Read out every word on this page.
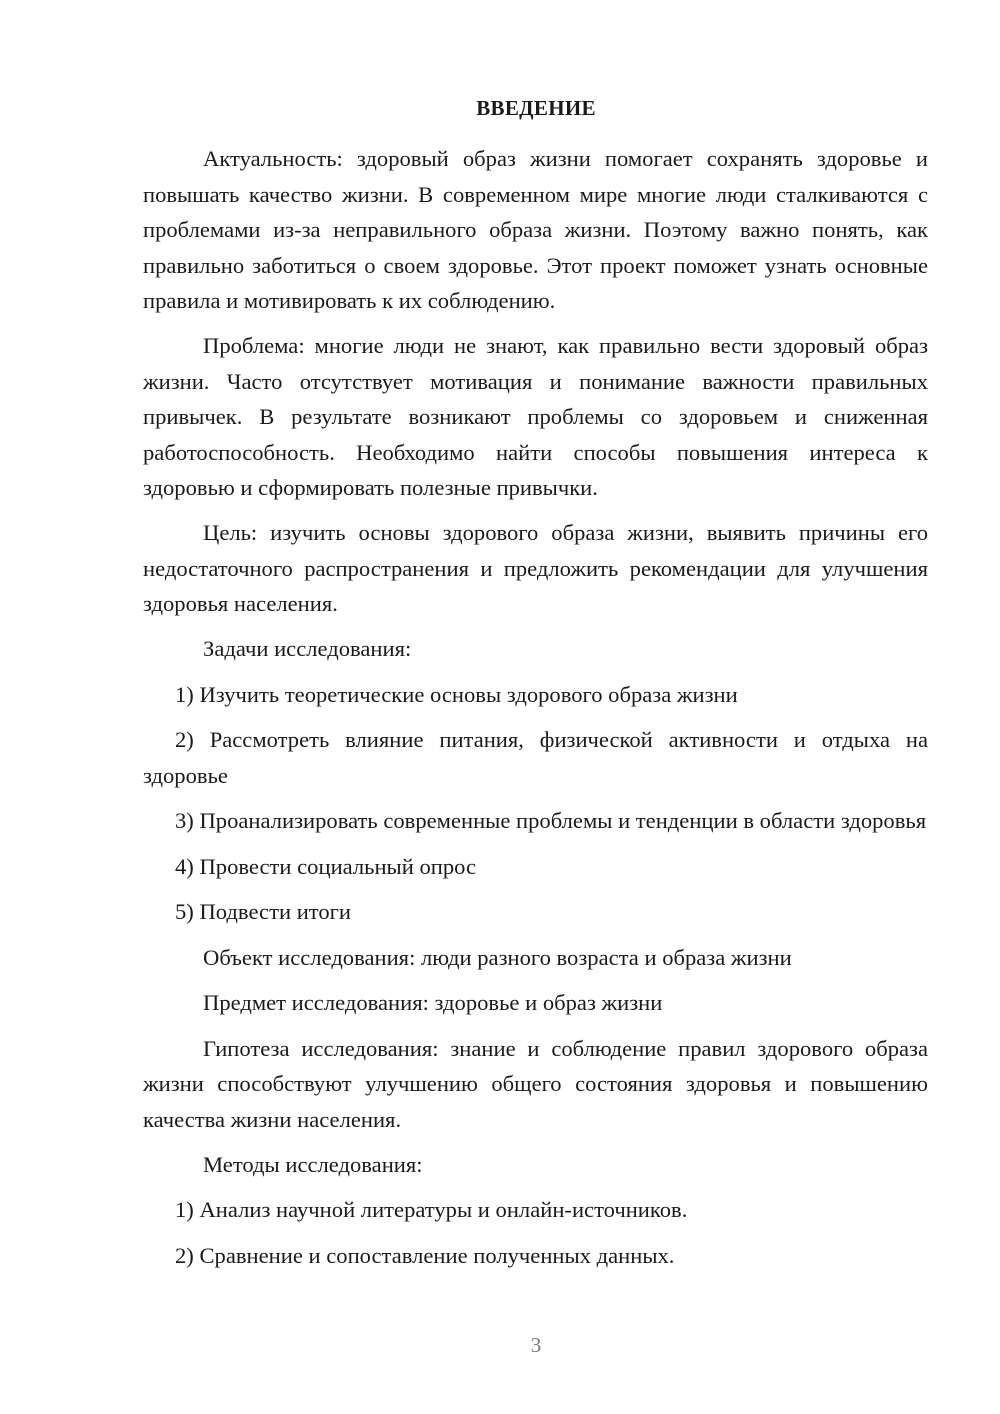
ВВЕДЕНИЕ

Актуальность: здоровый образ жизни помогает сохранять здоровье и повышать качество жизни. В современном мире многие люди сталкиваются с проблемами из-за неправильного образа жизни. Поэтому важно понять, как правильно заботиться о своем здоровье. Этот проект поможет узнать основные правила и мотивировать к их соблюдению.

Проблема: многие люди не знают, как правильно вести здоровый образ жизни. Часто отсутствует мотивация и понимание важности правильных привычек. В результате возникают проблемы со здоровьем и сниженная работоспособность. Необходимо найти способы повышения интереса к здоровью и сформировать полезные привычки.

Цель: изучить основы здорового образа жизни, выявить причины его недостаточного распространения и предложить рекомендации для улучшения здоровья населения.

Задачи исследования:

1) Изучить теоретические основы здорового образа жизни

2) Рассмотреть влияние питания, физической активности и отдыха на здоровье

3) Проанализировать современные проблемы и тенденции в области здоровья

4) Провести социальный опрос

5) Подвести итоги

Объект исследования: люди разного возраста и образа жизни

Предмет исследования: здоровье и образ жизни

Гипотеза исследования: знание и соблюдение правил здорового образа жизни способствуют улучшению общего состояния здоровья и повышению качества жизни населения.

Методы исследования:

1) Анализ научной литературы и онлайн-источников.

2) Сравнение и сопоставление полученных данных.

3
